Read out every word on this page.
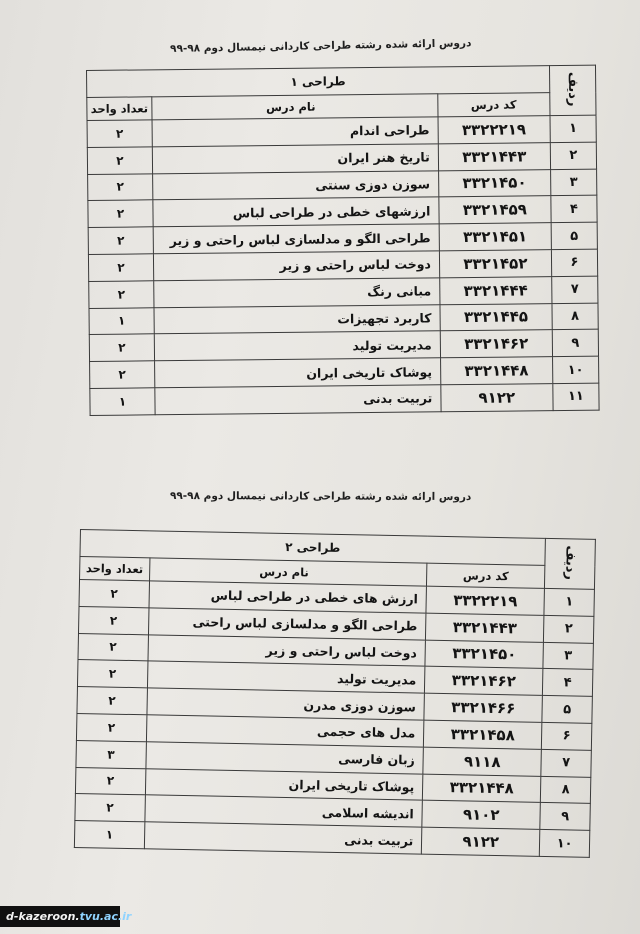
دروس ارائه شده رشته طراحی کاردانی نیمسال دوم ۹۸-۹۹
ردیف	طراحی ۱		
	کد درس	نام درس	تعداد واحد
۱	۳۳۲۲۲۱۹	طراحی اندام	۲
۲	۳۳۲۱۴۴۳	تاریخ هنر ایران	۲
۳	۳۳۲۱۴۵۰	سوزن دوزی سنتی	۲
۴	۳۳۲۱۴۵۹	ارزشهای خطی در طراحی لباس	۲
۵	۳۳۲۱۴۵۱	طراحی الگو و مدلسازی لباس راحتی و زیر	۲
۶	۳۳۲۱۴۵۲	دوخت لباس راحتی و زیر	۲
۷	۳۳۲۱۴۴۴	مبانی رنگ	۲
۸	۳۳۲۱۴۴۵	کاربرد تجهیزات	۱
۹	۳۳۲۱۴۶۲	مدیریت تولید	۲
۱۰	۳۳۲۱۴۴۸	پوشاک تاریخی ایران	۲
۱۱	۹۱۲۲	تربیت بدنی	۱
دروس ارائه شده رشته طراحی کاردانی نیمسال دوم ۹۸-۹۹
ردیف	طراحی ۲		
	کد درس	نام درس	تعداد واحد
۱	۳۳۲۲۲۱۹	ارزش های خطی در طراحی لباس	۲
۲	۳۳۲۱۴۴۳	طراحی الگو و مدلسازی لباس راحتی	۲
۳	۳۳۲۱۴۵۰	دوخت لباس راحتی و زیر	۲
۴	۳۳۲۱۴۶۲	مدیریت تولید	۲
۵	۳۳۲۱۴۶۶	سوزن دوزی مدرن	۲
۶	۳۳۲۱۴۵۸	مدل های حجمی	۲
۷	۹۱۱۸	زبان فارسی	۳
۸	۳۳۲۱۴۴۸	پوشاک تاریخی ایران	۲
۹	۹۱۰۲	اندیشه اسلامی	۲
۱۰	۹۱۲۲	تربیت بدنی	۱
d-kazeroon.tvu.ac.ir
